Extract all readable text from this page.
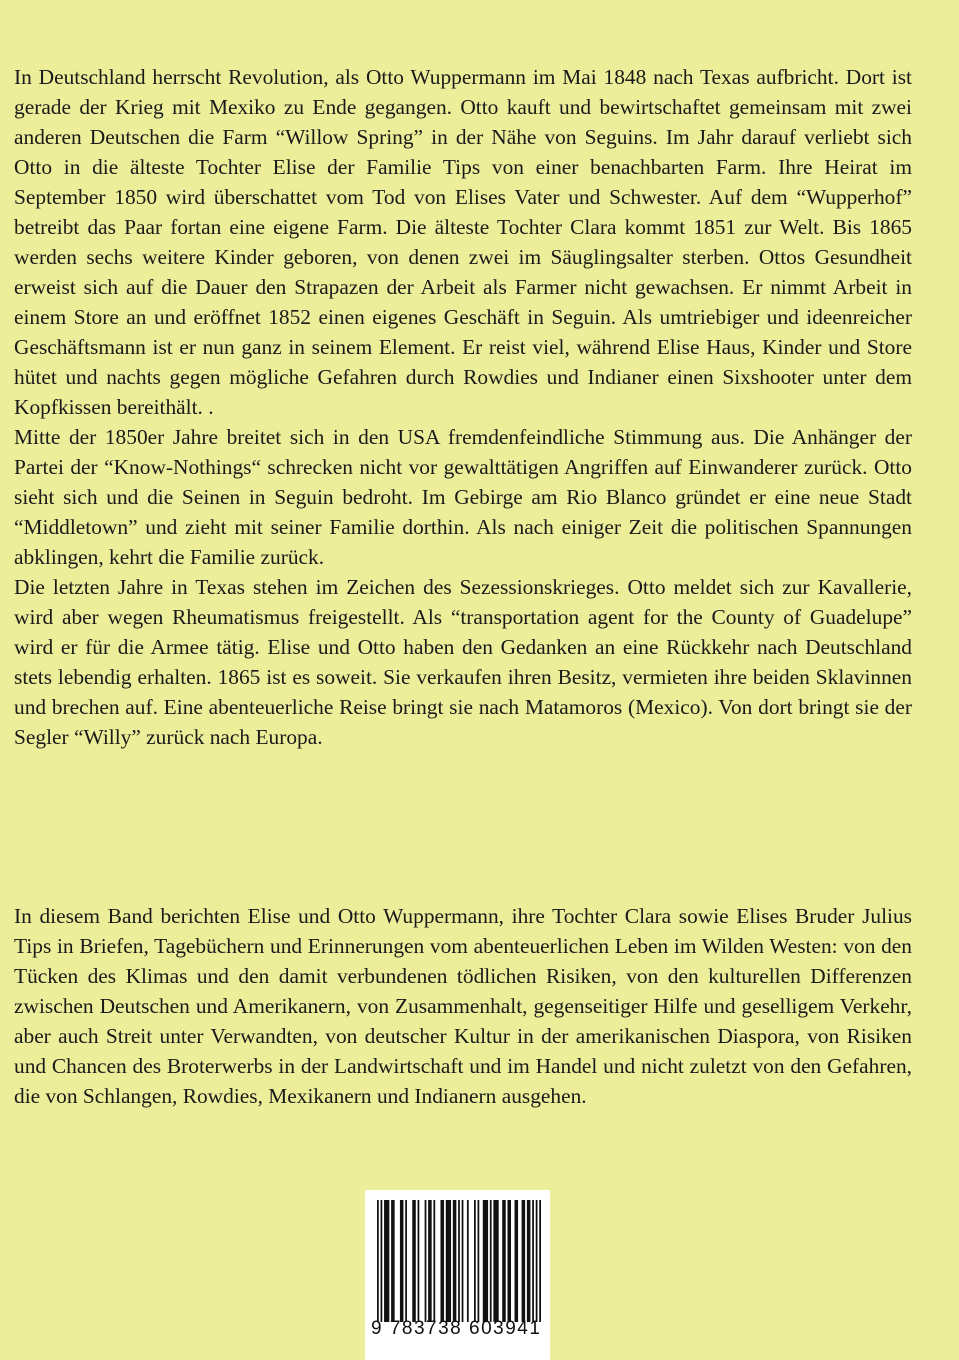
In Deutschland herrscht Revolution, als Otto Wuppermann im Mai 1848 nach Texas aufbricht. Dort ist gerade der Krieg mit Mexiko zu Ende gegangen. Otto kauft und bewirtschaftet gemeinsam mit zwei anderen Deutschen die Farm “Willow Spring” in der Nähe von Seguins. Im Jahr darauf verliebt sich Otto in die älteste Tochter Elise der Familie Tips von einer benachbarten Farm. Ihre Heirat im September 1850 wird überschattet vom Tod von Elises Vater und Schwester. Auf dem “Wupperhof” betreibt das Paar fortan eine eigene Farm. Die älteste Tochter Clara kommt 1851 zur Welt. Bis 1865 werden sechs weitere Kinder geboren, von denen zwei im Säuglingsalter sterben. Ottos Gesundheit erweist sich auf die Dauer den Strapazen der Arbeit als Farmer nicht gewachsen. Er nimmt Arbeit in einem Store an und eröffnet 1852 einen eigenes Geschäft in Seguin. Als umtriebiger und ideenreicher Geschäftsmann ist er nun ganz in seinem Element. Er reist viel, während Elise Haus, Kinder und Store hütet und nachts gegen mögliche Gefahren durch Rowdies und Indianer einen Sixshooter unter dem Kopfkissen bereithält. .

Mitte der 1850er Jahre breitet sich in den USA fremdenfeindliche Stimmung aus. Die Anhänger der Partei der “Know-Nothings“ schrecken nicht vor gewalttätigen Angriffen auf Einwanderer zurück. Otto sieht sich und die Seinen in Seguin bedroht. Im Gebirge am Rio Blanco gründet er eine neue Stadt “Middletown” und zieht mit seiner Familie dorthin. Als nach einiger Zeit die politischen Spannungen abklingen, kehrt die Familie zurück.

Die letzten Jahre in Texas stehen im Zeichen des Sezessionskrieges. Otto meldet sich zur Kavallerie, wird aber wegen Rheumatismus freigestellt. Als “transportation agent for the County of Guadelupe” wird er für die Armee tätig. Elise und Otto haben den Gedanken an eine Rückkehr nach Deutschland stets lebendig erhalten. 1865 ist es soweit. Sie verkaufen ihren Besitz, vermieten ihre beiden Sklavinnen und brechen auf. Eine abenteuerliche Reise bringt sie nach Matamoros (Mexico). Von dort bringt sie der Segler “Willy” zurück nach Europa.

In diesem Band berichten Elise und Otto Wuppermann, ihre Tochter Clara sowie Elises Bruder Julius Tips in Briefen, Tagebüchern und Erinnerungen vom abenteuerlichen Leben im Wilden Westen: von den Tücken des Klimas und den damit verbundenen tödlichen Risiken, von den kulturellen Differenzen zwischen Deutschen und Amerikanern, von Zusammenhalt, gegenseitiger Hilfe und geselligem Verkehr, aber auch Streit unter Verwandten, von deutscher Kultur in der amerikanischen Diaspora, von Risiken und Chancen des Broterwerbs in der Landwirtschaft und im Handel und nicht zuletzt von den Gefahren, die von Schlangen, Rowdies, Mexikanern und Indianern ausgehen.

9 783738 603941
